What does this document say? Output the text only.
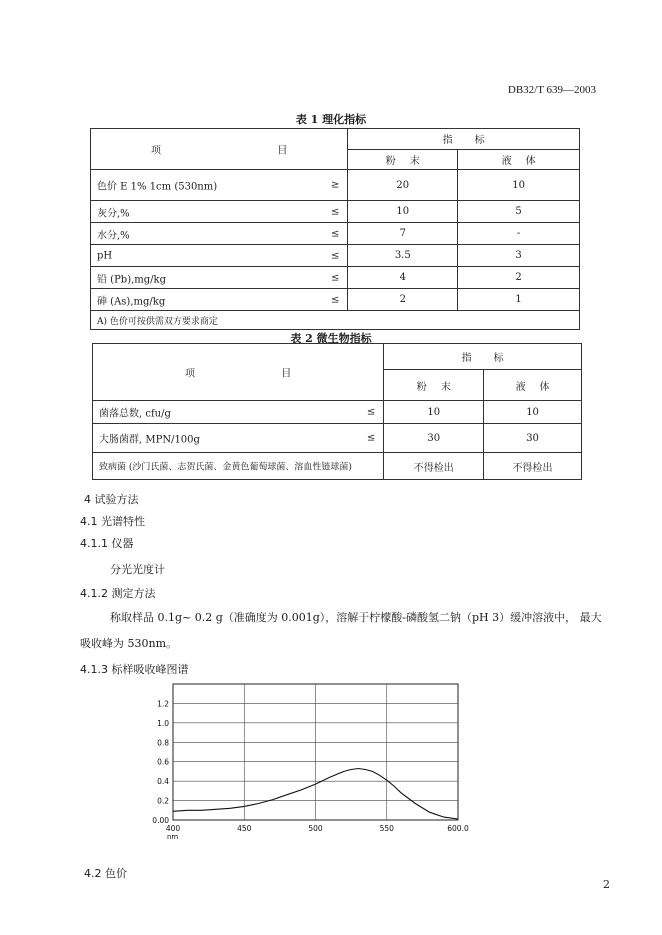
DB32/T 639—2003
表 1 理化指标
项 目	指标	
	粉末	液体

色价 E 1% 1cm (530nm) ≥	20	10

灰分,% ≤	10	5

水分,% ≤	7	-

pH ≤	3.5	3

铅 (Pb),mg/kg ≤	4	2

砷 (As),mg/kg ≤	2	1
A) 色价可按供需双方要求商定		
表 2 微生物指标
项 目	指标	
	粉末	液体

菌落总数, cfu/g ≤	10	10

大肠菌群, MPN/100g ≤	30	30

致病菌 (沙门氏菌、志贺氏菌、金黄色葡萄球菌、溶血性链球菌)	不得检出	不得检出
4 试验方法
4.1 光谱特性
4.1.1 仪器
分光光度计
4.1.2 测定方法
称取样品 0.1g~ 0.2 g（准确度为 0.001g），溶解于柠檬酸-磷酸氢二钠（pH 3）缓冲溶液中， 最大
吸收峰为 530nm。
4.1.3 标样吸收峰图谱
0.00
0.2
0.4
0.6
0.8
1.0
1.2
400	450	500	550	600.0
nm
4.2 色价
2
